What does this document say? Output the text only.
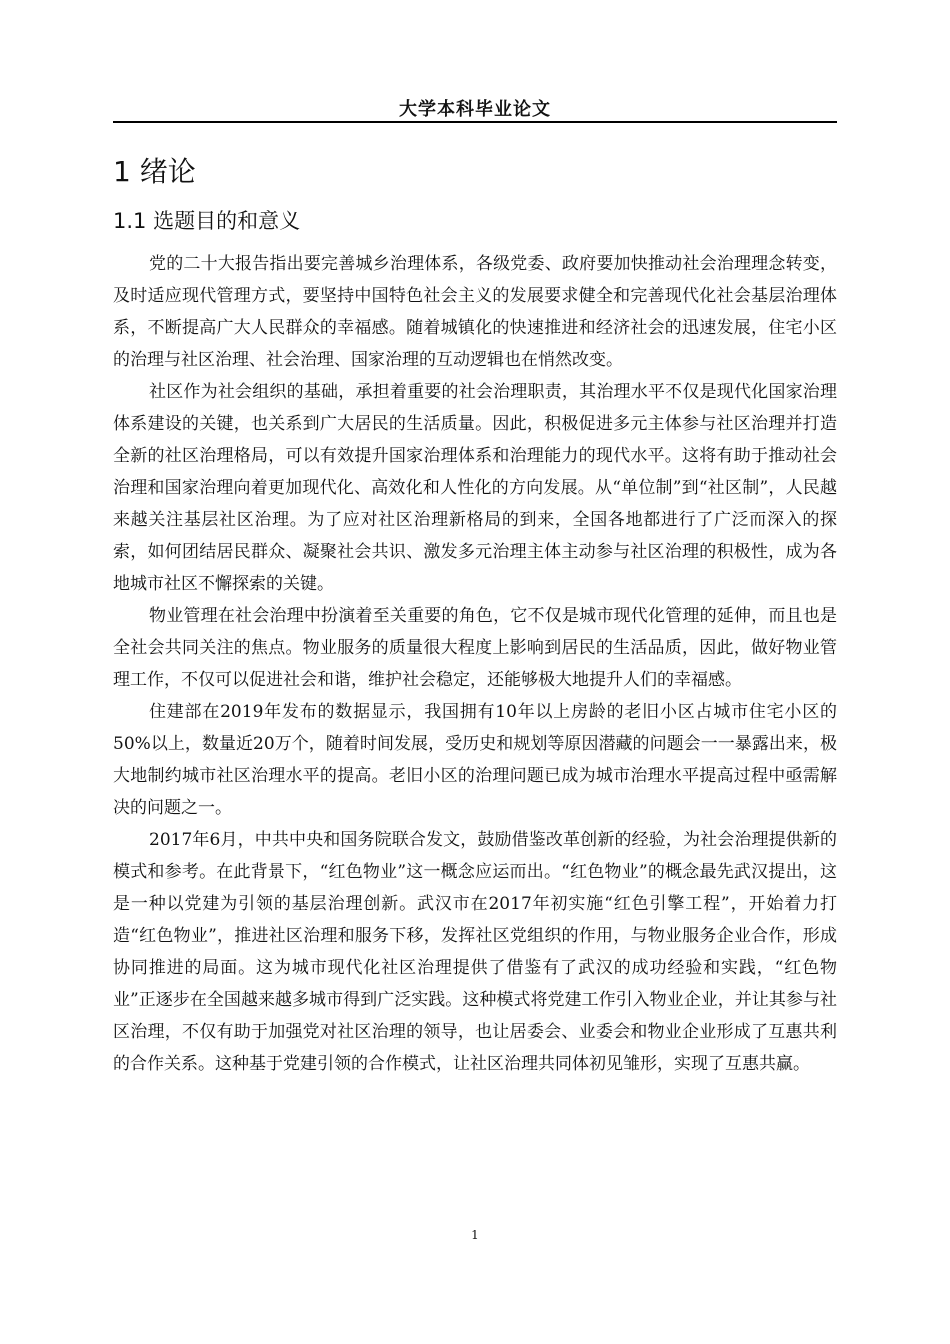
大学本科毕业论文
1 绪论
1.1 选题目的和意义

党的二十大报告指出要完善城乡治理体系，各级党委、政府要加快推动社会治理理念转变，及时适应现代管理方式，要坚持中国特色社会主义的发展要求健全和完善现代化社会基层治理体系，不断提高广大人民群众的幸福感。随着城镇化的快速推进和经济社会的迅速发展，住宅小区的治理与社区治理、社会治理、国家治理的互动逻辑也在悄然改变。

社区作为社会组织的基础，承担着重要的社会治理职责，其治理水平不仅是现代化国家治理体系建设的关键，也关系到广大居民的生活质量。因此，积极促进多元主体参与社区治理并打造全新的社区治理格局，可以有效提升国家治理体系和治理能力的现代水平。这将有助于推动社会治理和国家治理向着更加现代化、高效化和人性化的方向发展。从“单位制”到“社区制”，人民越来越关注基层社区治理。为了应对社区治理新格局的到来，全国各地都进行了广泛而深入的探索，如何团结居民群众、凝聚社会共识、激发多元治理主体主动参与社区治理的积极性，成为各地城市社区不懈探索的关键。

物业管理在社会治理中扮演着至关重要的角色，它不仅是城市现代化管理的延伸，而且也是全社会共同关注的焦点。物业服务的质量很大程度上影响到居民的生活品质，因此，做好物业管理工作，不仅可以促进社会和谐，维护社会稳定，还能够极大地提升人们的幸福感。

住建部在2019年发布的数据显示，我国拥有10年以上房龄的老旧小区占城市住宅小区的50%以上，数量近20万个，随着时间发展，受历史和规划等原因潜藏的问题会一一暴露出来，极大地制约城市社区治理水平的提高。老旧小区的治理问题已成为城市治理水平提高过程中亟需解决的问题之一。

2017年6月，中共中央和国务院联合发文，鼓励借鉴改革创新的经验，为社会治理提供新的模式和参考。在此背景下，“红色物业”这一概念应运而出。“红色物业”的概念最先武汉提出，这是一种以党建为引领的基层治理创新。武汉市在2017年初实施“红色引擎工程”，开始着力打造“红色物业”，推进社区治理和服务下移，发挥社区党组织的作用，与物业服务企业合作，形成协同推进的局面。这为城市现代化社区治理提供了借鉴有了武汉的成功经验和实践，“红色物业”正逐步在全国越来越多城市得到广泛实践。这种模式将党建工作引入物业企业，并让其参与社区治理，不仅有助于加强党对社区治理的领导，也让居委会、业委会和物业企业形成了互惠共利的合作关系。这种基于党建引领的合作模式，让社区治理共同体初见雏形，实现了互惠共赢。

1
